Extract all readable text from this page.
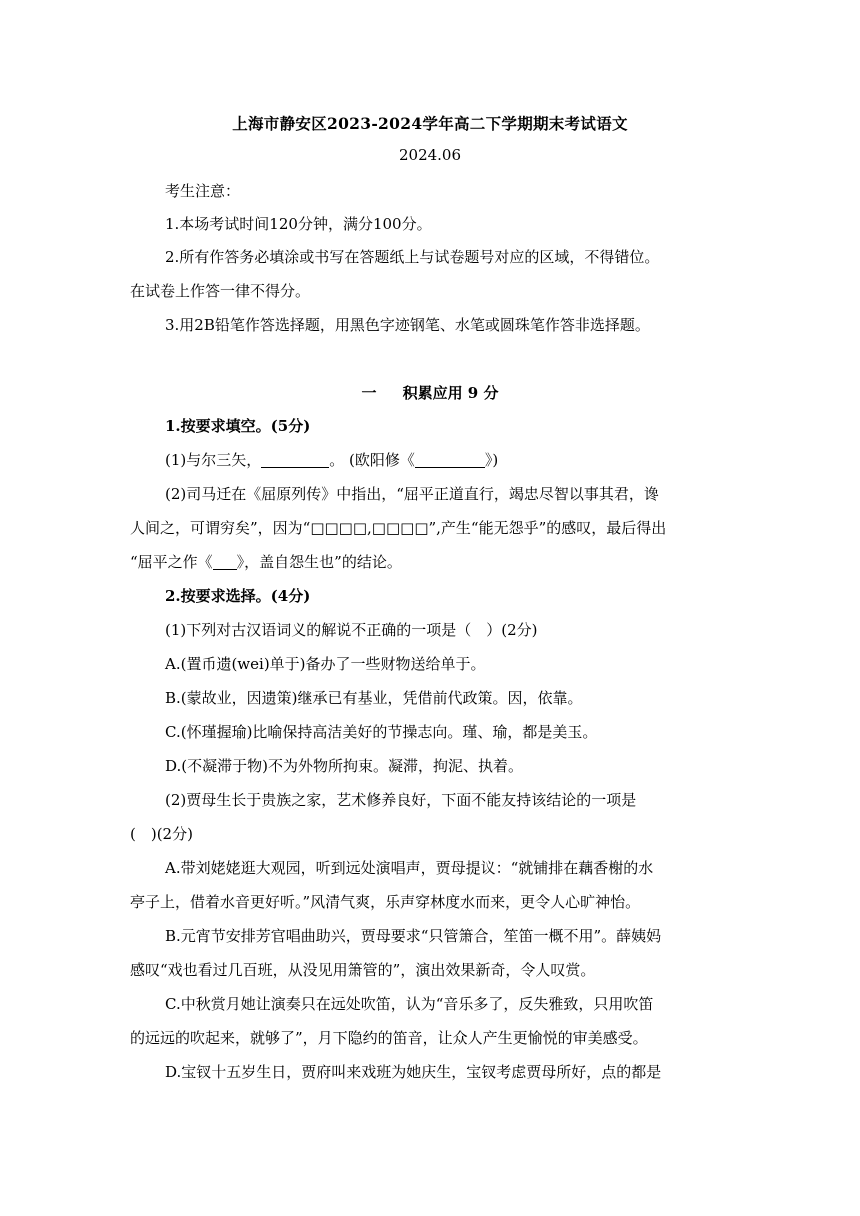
上海市静安区2023-2024学年高二下学期期末考试语文
2024.06
考生注意：
1.本场考试时间120分钟，满分100分。
2.所有作答务必填涂或书写在答题纸上与试卷题号对应的区域，不得错位。
在试卷上作答一律不得分。
3.用2B铅笔作答选择题，用黑色字迹钢笔、水笔或圆珠笔作答非选择题。
一 积累应用 9 分
1.按要求填空。(5分)
(1)与尔三矢，	。 (欧阳修《	》)
(2)司马迁在《屈原列传》中指出，“屈平正道直行，竭忠尽智以事其君，谗
人间之，可谓穷矣”，因为“□□□□,□□□□”,产生“能无怨乎”的感叹，最后得出
“屈平之作《 》，盖自怨生也”的结论。
2.按要求选择。(4分)
(1)下列对古汉语词义的解说不正确的一项是（　）(2分)
A.(置币遗(wei)单于)备办了一些财物送给单于。
B.(蒙故业，因遗策)继承已有基业，凭借前代政策。因，依靠。
C.(怀瑾握瑜)比喻保持高洁美好的节操志向。瑾、瑜，都是美玉。
D.(不凝滞于物)不为外物所拘束。凝滞，拘泥、执着。
(2)贾母生长于贵族之家，艺术修养良好，下面不能友持该结论的一项是
(　)(2分)
A.带刘姥姥逛大观园，听到远处演唱声，贾母提议：“就铺排在藕香榭的水
亭子上，借着水音更好听。”风清气爽，乐声穿林度水而来，更令人心旷神怡。
B.元宵节安排芳官唱曲助兴，贾母要求“只管箫合，笙笛一概不用”。薛姨妈
感叹“戏也看过几百班，从没见用箫管的”，演出效果新奇，令人叹赏。
C.中秋赏月她让演奏只在远处吹笛，认为“音乐多了，反失雅致，只用吹笛
的远远的吹起来，就够了”，月下隐约的笛音，让众人产生更愉悦的审美感受。
D.宝钗十五岁生日，贾府叫来戏班为她庆生，宝钗考虑贾母所好，点的都是
